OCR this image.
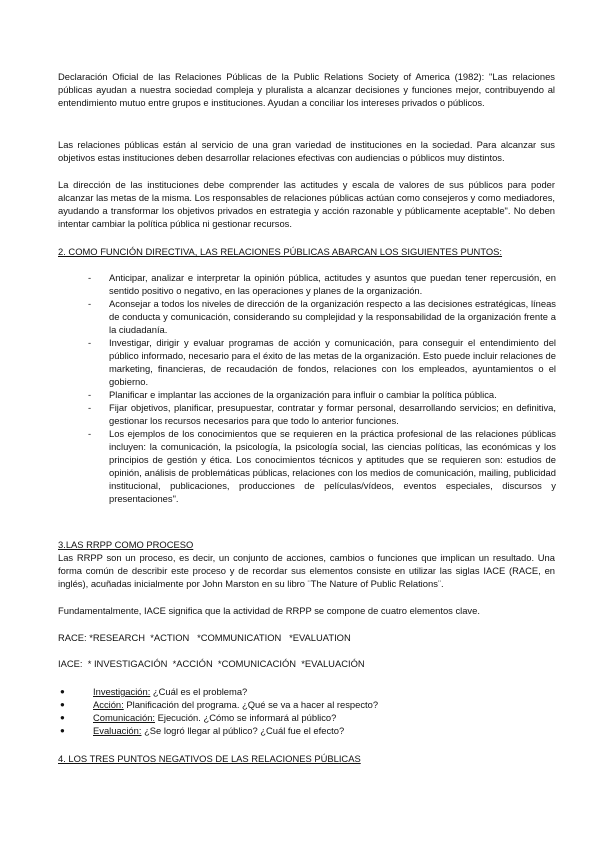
Declaración Oficial de las Relaciones Públicas de la Public Relations Society of America (1982): "Las relaciones públicas ayudan a nuestra sociedad compleja y pluralista a alcanzar decisiones y funciones mejor, contribuyendo al entendimiento mutuo entre grupos e instituciones. Ayudan a conciliar los intereses privados o públicos.

Las relaciones públicas están al servicio de una gran variedad de instituciones en la sociedad. Para alcanzar sus objetivos estas instituciones deben desarrollar relaciones efectivas con audiencias o públicos muy distintos.

La dirección de las instituciones debe comprender las actitudes y escala de valores de sus públicos para poder alcanzar las metas de la misma. Los responsables de relaciones públicas actúan como consejeros y como mediadores, ayudando a transformar los objetivos privados en estrategia y acción razonable y públicamente aceptable". No deben intentar cambiar la política pública ni gestionar recursos.

2. COMO FUNCIÓN DIRECTIVA, LAS RELACIONES PÚBLICAS ABARCAN LOS SIGUIENTES PUNTOS:

- Anticipar, analizar e interpretar la opinión pública, actitudes y asuntos que puedan tener repercusión, en sentido positivo o negativo, en las operaciones y planes de la organización.
- Aconsejar a todos los niveles de dirección de la organización respecto a las decisiones estratégicas, líneas de conducta y comunicación, considerando su complejidad y la responsabilidad de la organización frente a la ciudadanía.
- Investigar, dirigir y evaluar programas de acción y comunicación, para conseguir el entendimiento del público informado, necesario para el éxito de las metas de la organización. Esto puede incluir relaciones de marketing, financieras, de recaudación de fondos, relaciones con los empleados, ayuntamientos o el gobierno.
- Planificar e implantar las acciones de la organización para influir o cambiar la política pública.
- Fijar objetivos, planificar, presupuestar, contratar y formar personal, desarrollando servicios; en definitiva, gestionar los recursos necesarios para que todo lo anterior funciones.
- Los ejemplos de los conocimientos que se requieren en la práctica profesional de las relaciones públicas incluyen: la comunicación, la psicología, la psicología social, las ciencias políticas, las económicas y los principios de gestión y ética. Los conocimientos técnicos y aptitudes que se requieren son: estudios de opinión, análisis de problemáticas públicas, relaciones con los medios de comunicación, mailing, publicidad institucional, publicaciones, producciones de películas/vídeos, eventos especiales, discursos y presentaciones".

3.LAS RRPP COMO PROCESO

Las RRPP son un proceso, es decir, un conjunto de acciones, cambios o funciones que implican un resultado. Una forma común de describir este proceso y de recordar sus elementos consiste en utilizar las siglas IACE (RACE, en inglés), acuñadas inicialmente por John Marston en su libro ¨The Nature of Public Relations¨.

Fundamentalmente, IACE significa que la actividad de RRPP se compone de cuatro elementos clave.

RACE: *RESEARCH  *ACTION   *COMMUNICATION   *EVALUATION

IACE:  * INVESTIGACIÓN  *ACCIÓN  *COMUNICACIÓN  *EVALUACIÓN

●	Investigación: ¿Cuál es el problema?
●	Acción: Planificación del programa. ¿Qué se va a hacer al respecto?
●	Comunicación: Ejecución. ¿Cómo se informará al público?
●	Evaluación: ¿Se logró llegar al público? ¿Cuál fue el efecto?

4. LOS TRES PUNTOS NEGATIVOS DE LAS RELACIONES PÚBLICAS
